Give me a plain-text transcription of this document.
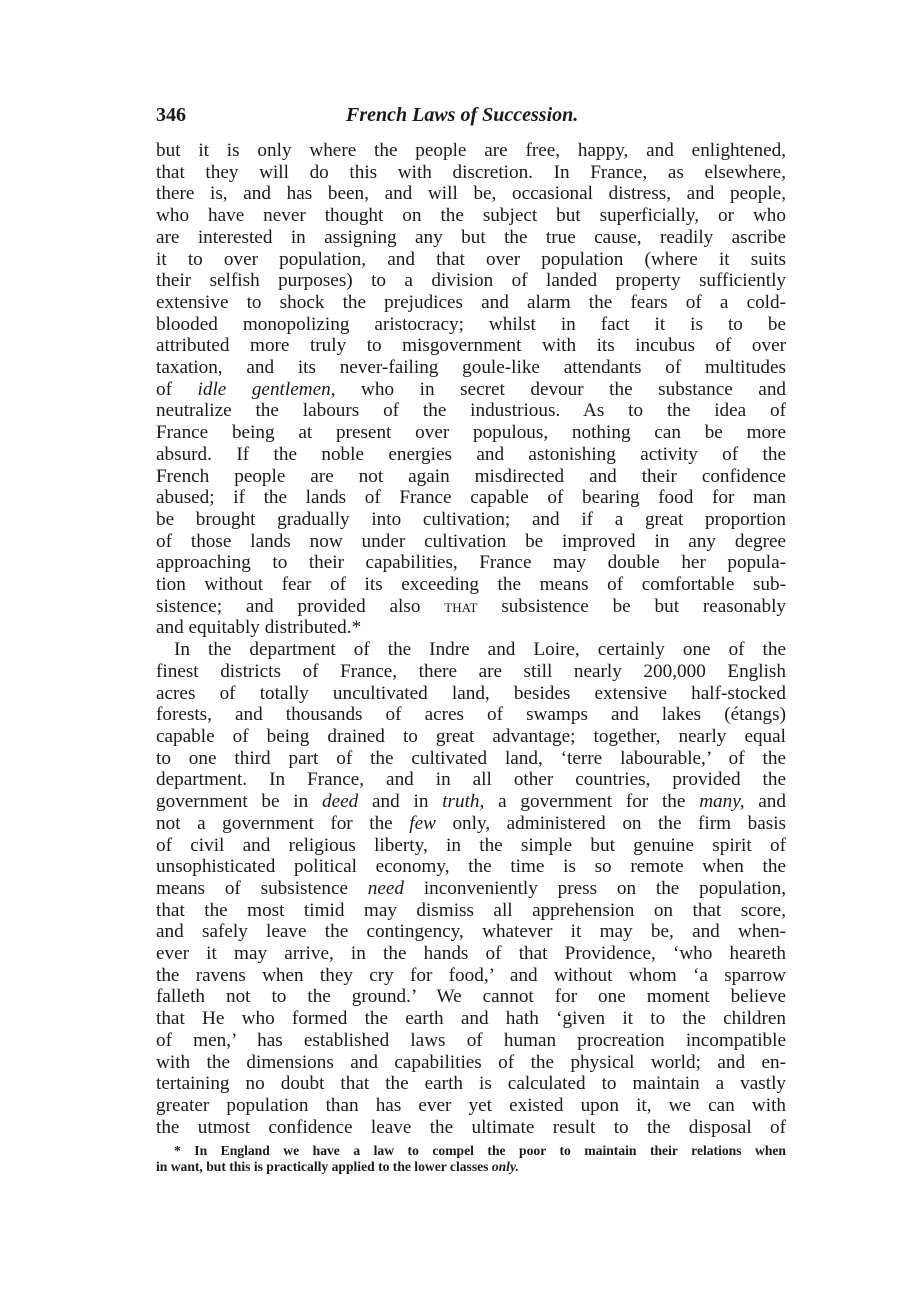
346	French Laws of Succession.
but it is only where the people are free, happy, and enlightened,
that they will do this with discretion. In France, as elsewhere,
there is, and has been, and will be, occasional distress, and people,
who have never thought on the subject but superficially, or who
are interested in assigning any but the true cause, readily ascribe
it to over population, and that over population (where it suits
their selfish purposes) to a division of landed property sufficiently
extensive to shock the prejudices and alarm the fears of a cold-
blooded monopolizing aristocracy; whilst in fact it is to be
attributed more truly to misgovernment with its incubus of over
taxation, and its never-failing goule-like attendants of multitudes
of idle gentlemen, who in secret devour the substance and
neutralize the labours of the industrious. As to the idea of
France being at present over populous, nothing can be more
absurd. If the noble energies and astonishing activity of the
French people are not again misdirected and their confidence
abused; if the lands of France capable of bearing food for man
be brought gradually into cultivation; and if a great proportion
of those lands now under cultivation be improved in any degree
approaching to their capabilities, France may double her popula-
tion without fear of its exceeding the means of comfortable sub-
sistence; and provided also that subsistence be but reasonably
and equitably distributed.*
In the department of the Indre and Loire, certainly one of the
finest districts of France, there are still nearly 200,000 English
acres of totally uncultivated land, besides extensive half-stocked
forests, and thousands of acres of swamps and lakes (étangs)
capable of being drained to great advantage; together, nearly equal
to one third part of the cultivated land, ‘terre labourable,’ of the
department. In France, and in all other countries, provided the
government be in deed and in truth, a government for the many, and
not a government for the few only, administered on the firm basis
of civil and religious liberty, in the simple but genuine spirit of
unsophisticated political economy, the time is so remote when the
means of subsistence need inconveniently press on the population,
that the most timid may dismiss all apprehension on that score,
and safely leave the contingency, whatever it may be, and when-
ever it may arrive, in the hands of that Providence, ‘who heareth
the ravens when they cry for food,’ and without whom ‘a sparrow
falleth not to the ground.’ We cannot for one moment believe
that He who formed the earth and hath ‘given it to the children
of men,’ has established laws of human procreation incompatible
with the dimensions and capabilities of the physical world; and en-
tertaining no doubt that the earth is calculated to maintain a vastly
greater population than has ever yet existed upon it, we can with
the utmost confidence leave the ultimate result to the disposal of
* In England we have a law to compel the poor to maintain their relations when
in want, but this is practically applied to the lower classes only.
